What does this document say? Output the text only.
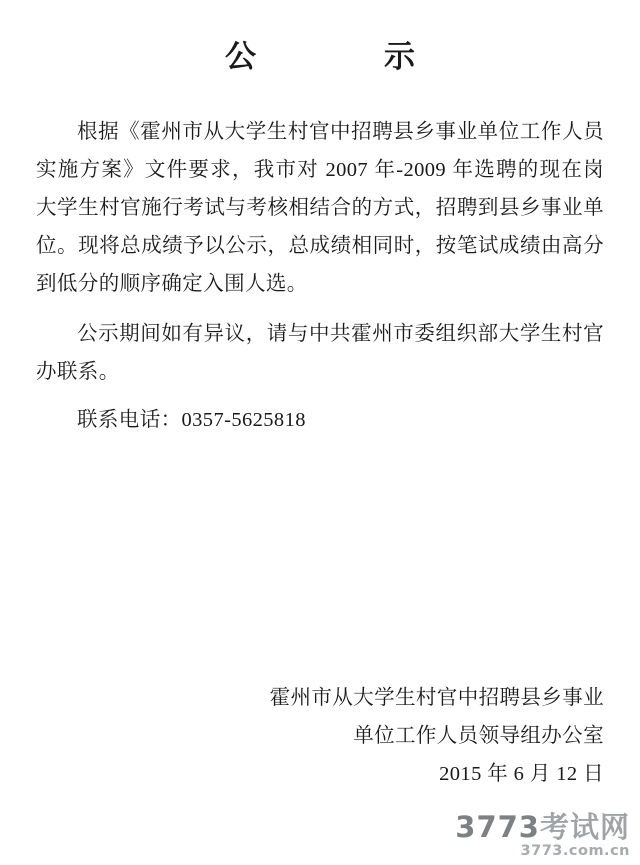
公　　示

根据《霍州市从大学生村官中招聘县乡事业单位工作人员实施方案》文件要求，我市对 2007 年-2009 年选聘的现在岗大学生村官施行考试与考核相结合的方式，招聘到县乡事业单位。现将总成绩予以公示，总成绩相同时，按笔试成绩由高分到低分的顺序确定入围人选。

公示期间如有异议，请与中共霍州市委组织部大学生村官办联系。

联系电话：0357-5625818

霍州市从大学生村官中招聘县乡事业
单位工作人员领导组办公室
2015 年 6 月 12 日
3773考试网
3773.com.cn
